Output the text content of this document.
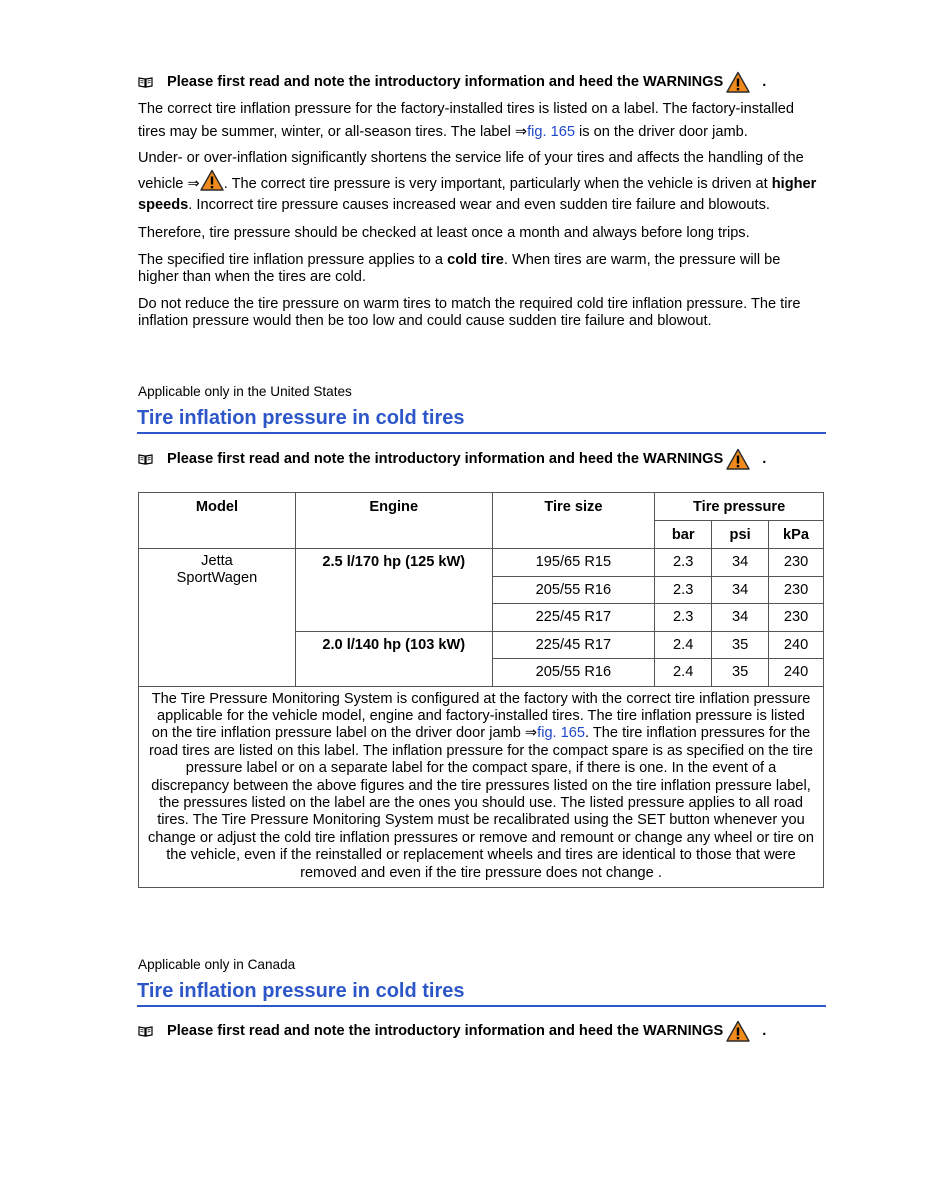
Please first read and note the introductory information and heed the WARNINGS	.

The correct tire inflation pressure for the factory-installed tires is listed on a label. The factory-installed tires may be summer, winter, or all-season tires. The label ⇒fig. 165 is on the driver door jamb.

Under- or over-inflation significantly shortens the service life of your tires and affects the handling of the vehicle ⇒ . The correct tire pressure is very important, particularly when the vehicle is driven at higher speeds. Incorrect tire pressure causes increased wear and even sudden tire failure and blowouts.

Therefore, tire pressure should be checked at least once a month and always before long trips.

The specified tire inflation pressure applies to a cold tire. When tires are warm, the pressure will be higher than when the tires are cold.

Do not reduce the tire pressure on warm tires to match the required cold tire inflation pressure. The tire inflation pressure would then be too low and could cause sudden tire failure and blowout.

Applicable only in the United States
Tire inflation pressure in cold tires
Please first read and note the introductory information and heed the WARNINGS	.
Model	Engine	Tire size	Tire pressure		
			bar	psi	kPa
Jetta SportWagen	2.5 l/170 hp (125 kW)	195/65 R15	2.3	34	230
		205/55 R16	2.3	34	230
		225/45 R17	2.3	34	230
	2.0 l/140 hp (103 kW)	225/45 R17	2.4	35	240
		205/55 R16	2.4	35	240
The Tire Pressure Monitoring System is configured at the factory with the correct tire inflation pressure applicable for the vehicle model, engine and factory-installed tires. The tire inflation pressure is listed on the tire inflation pressure label on the driver door jamb ⇒fig. 165. The tire inflation pressures for the road tires are listed on this label. The inflation pressure for the compact spare is as specified on the tire pressure label or on a separate label for the compact spare, if there is one. In the event of a discrepancy between the above figures and the tire pressures listed on the tire inflation pressure label, the pressures listed on the label are the ones you should use. The listed pressure applies to all road tires. The Tire Pressure Monitoring System must be recalibrated using the SET button whenever you change or adjust the cold tire inflation pressures or remove and remount or change any wheel or tire on the vehicle, even if the reinstalled or replacement wheels and tires are identical to those that were removed and even if the tire pressure does not change .					
Applicable only in Canada
Tire inflation pressure in cold tires
Please first read and note the introductory information and heed the WARNINGS	.
